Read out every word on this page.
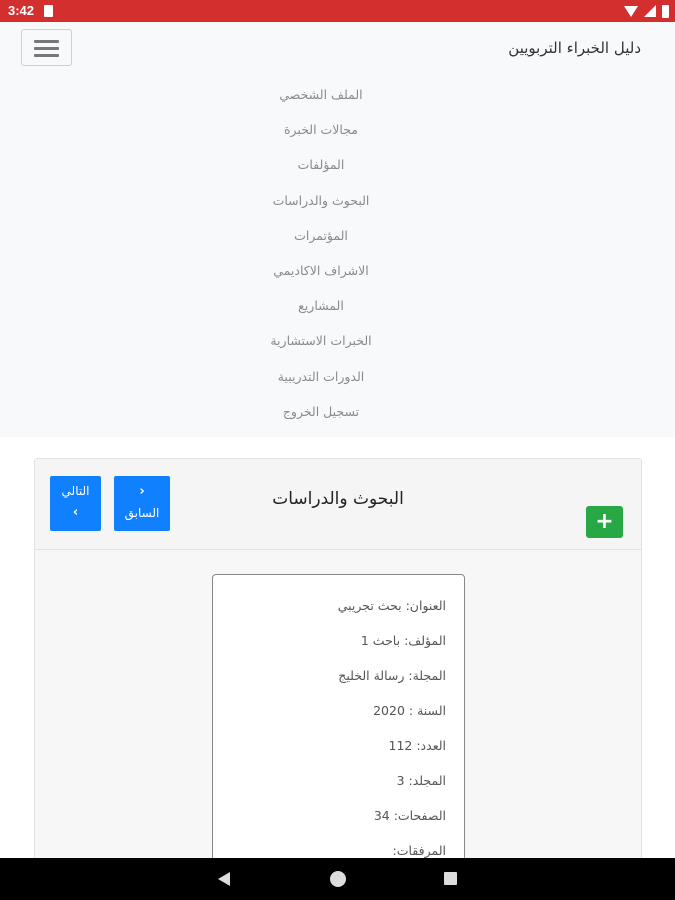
3:42
دليل الخبراء التربويين
الملف الشخصي
مجالات الخبرة
المؤلفات
البحوث والدراسات
المؤتمرات
الاشراف الاكاديمي
المشاريع
الخبرات الاستشارية
الدورات التدريبية
تسجيل الخروج
البحوث والدراسات
التالي
›
‹
السابق	+
العنوان: بحث تجريبي
المؤلف: باحث 1
المجلة: رسالة الخليج
السنة : 2020
العدد: 112
المجلد: 3
الصفحات: 34
المرفقات:
